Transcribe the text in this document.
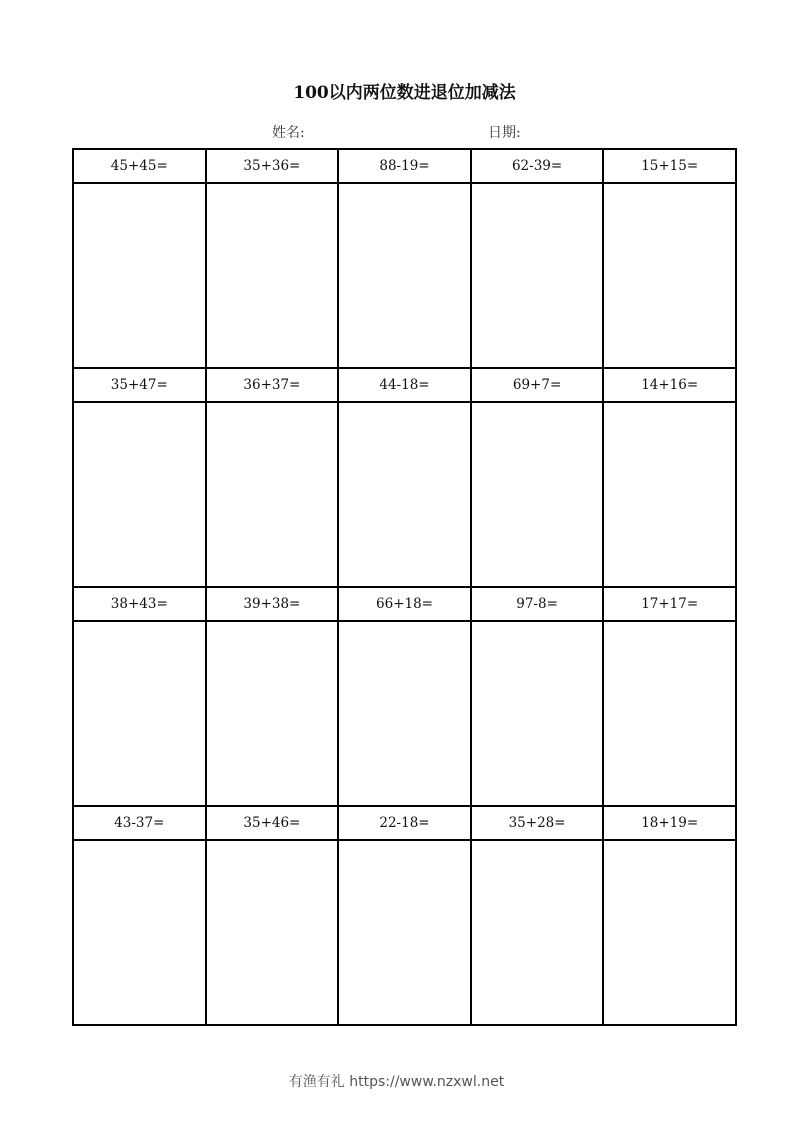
100以内两位数进退位加减法
姓名:	日期:
45+45=	35+36=	88-19=	62-39=	15+15=

35+47=	36+37=	44-18=	69+7=	14+16=

38+43=	39+38=	66+18=	97-8=	17+17=

43-37=	35+46=	22-18=	35+28=	18+19=

有渔有礼 https://www.nzxwl.net
